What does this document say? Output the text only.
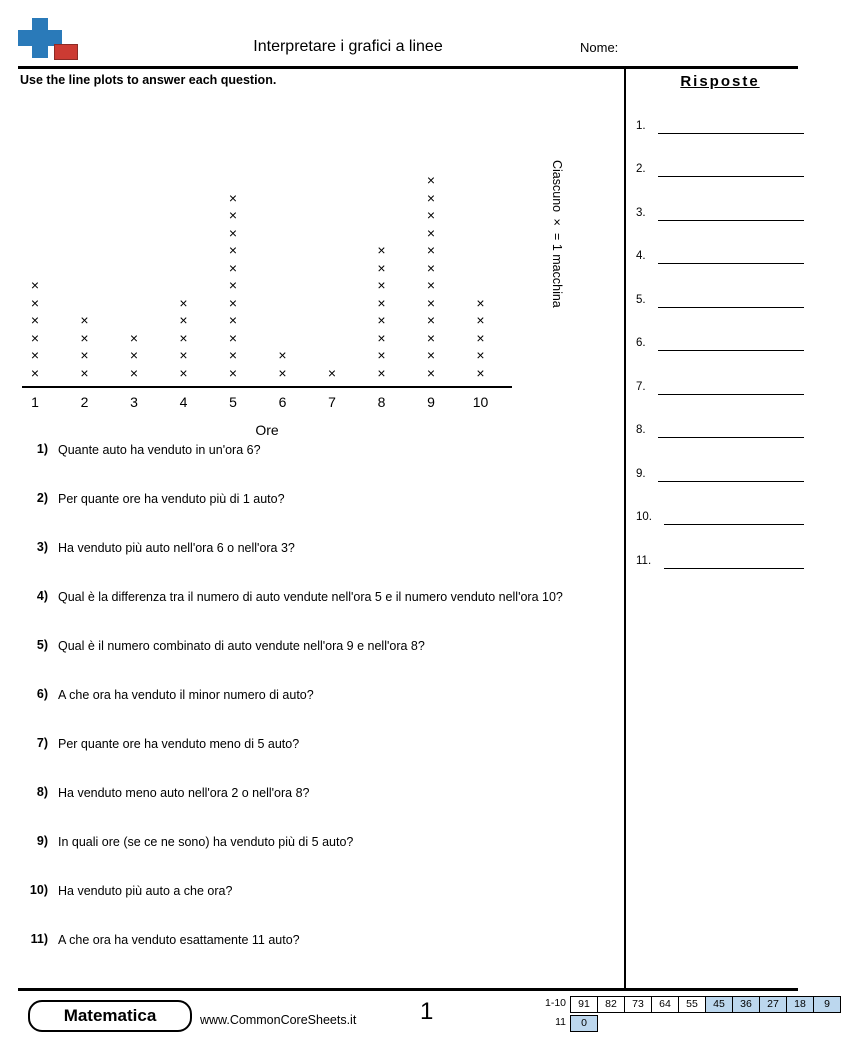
Interpretare i grafici a linee	Nome:
Use the line plots to answer each question.	Risposte
1.
2.
3.
4.
5.
6.
7.
8.
9.
10.
11.
×
×
×
×
×
×
×
×
×
×
×
×
×
×
×
×
×
×
×
×
×
×
×
×
×
×
×
×
×
×
×	×
×
×
×
×
×
×
×
×
×
×
×
×
×
×
×
×
×
×
×
×
×
×
×
×
×
1	2	3	4	5	6	7	8	9	10
Ore
Ciascuno × = 1 macchina
1) Quante auto ha venduto in un'ora 6?
2) Per quante ore ha venduto più di 1 auto?
3) Ha venduto più auto nell'ora 6 o nell'ora 3?
4) Qual è la differenza tra il numero di auto vendute nell'ora 5 e il numero venduto nell'ora 10?
5) Qual è il numero combinato di auto vendute nell'ora 9 e nell'ora 8?
6) A che ora ha venduto il minor numero di auto?
7) Per quante ore ha venduto meno di 5 auto?
8) Ha venduto meno auto nell'ora 2 o nell'ora 8?
9) In quali ore (se ce ne sono) ha venduto più di 5 auto?
10) Ha venduto più auto a che ora?
11) A che ora ha venduto esattamente 11 auto?
Matematica	www.CommonCoreSheets.it	1	1-10	91	82	73	64	55	45	36	27	18	9
11	0
